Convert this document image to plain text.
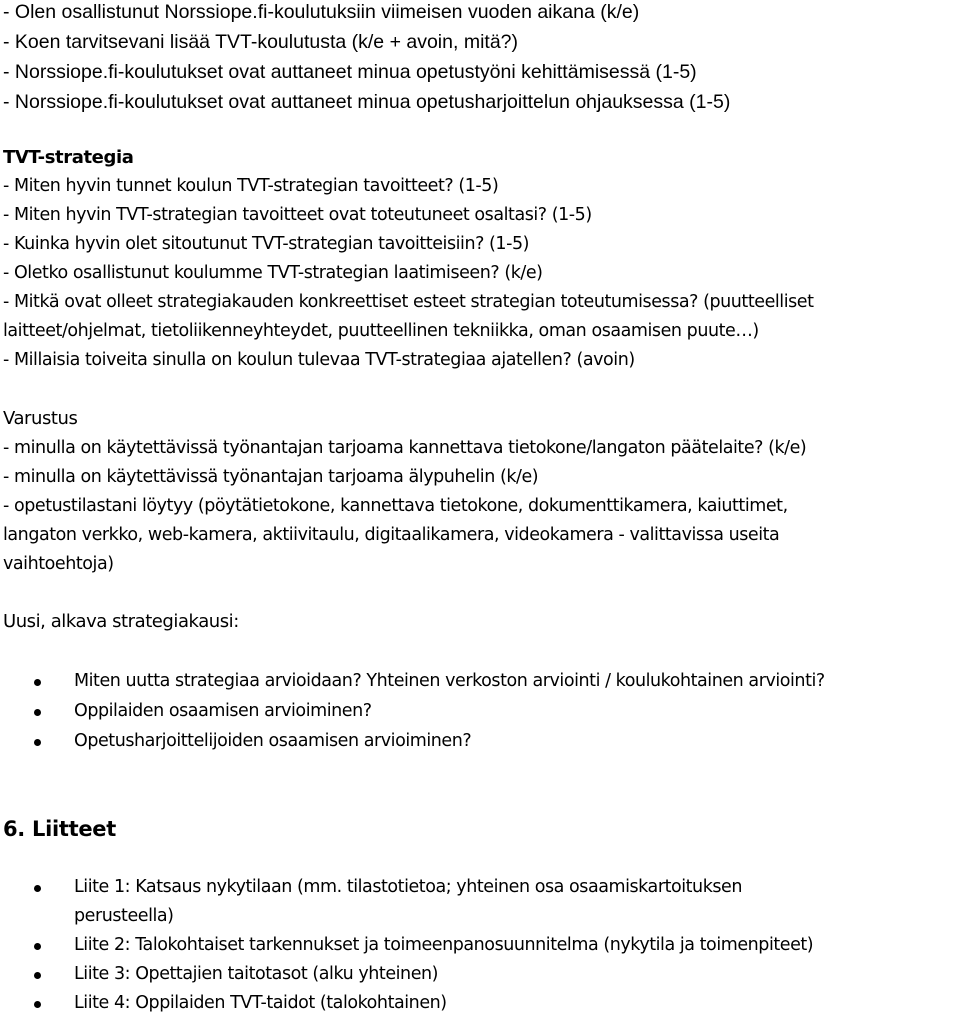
- Olen osallistunut Norssiope.fi-koulutuksiin viimeisen vuoden aikana (k/e)
- Koen tarvitsevani lisää TVT-koulutusta (k/e + avoin, mitä?)
- Norssiope.fi-koulutukset ovat auttaneet minua opetustyöni kehittämisessä (1-5)
- Norssiope.fi-koulutukset ovat auttaneet minua opetusharjoittelun ohjauksessa (1-5)
TVT-strategia
- Miten hyvin tunnet koulun TVT-strategian tavoitteet? (1-5)
- Miten hyvin TVT-strategian tavoitteet ovat toteutuneet osaltasi? (1-5)
- Kuinka hyvin olet sitoutunut TVT-strategian tavoitteisiin? (1-5)
- Oletko osallistunut koulumme TVT-strategian laatimiseen? (k/e)
- Mitkä ovat olleet strategiakauden konkreettiset esteet strategian toteutumisessa? (puutteelliset
laitteet/ohjelmat, tietoliikenneyhteydet, puutteellinen tekniikka, oman osaamisen puute…)
- Millaisia toiveita sinulla on koulun tulevaa TVT-strategiaa ajatellen? (avoin)
Varustus
- minulla on käytettävissä työnantajan tarjoama kannettava tietokone/langaton päätelaite? (k/e)
- minulla on käytettävissä työnantajan tarjoama älypuhelin (k/e)
- opetustilastani löytyy (pöytätietokone, kannettava tietokone, dokumenttikamera, kaiuttimet,
langaton verkko, web-kamera, aktiivitaulu, digitaalikamera, videokamera - valittavissa useita
vaihtoehtoja)
Uusi, alkava strategiakausi:
Miten uutta strategiaa arvioidaan? Yhteinen verkoston arviointi / koulukohtainen arviointi?
Oppilaiden osaamisen arvioiminen?
Opetusharjoittelijoiden osaamisen arvioiminen?
6. Liitteet
Liite 1: Katsaus nykytilaan (mm. tilastotietoa; yhteinen osa osaamiskartoituksen
perusteella)
Liite 2: Talokohtaiset tarkennukset ja toimeenpanosuunnitelma (nykytila ja toimenpiteet)
Liite 3: Opettajien taitotasot (alku yhteinen)
Liite 4: Oppilaiden TVT-taidot (talokohtainen)
